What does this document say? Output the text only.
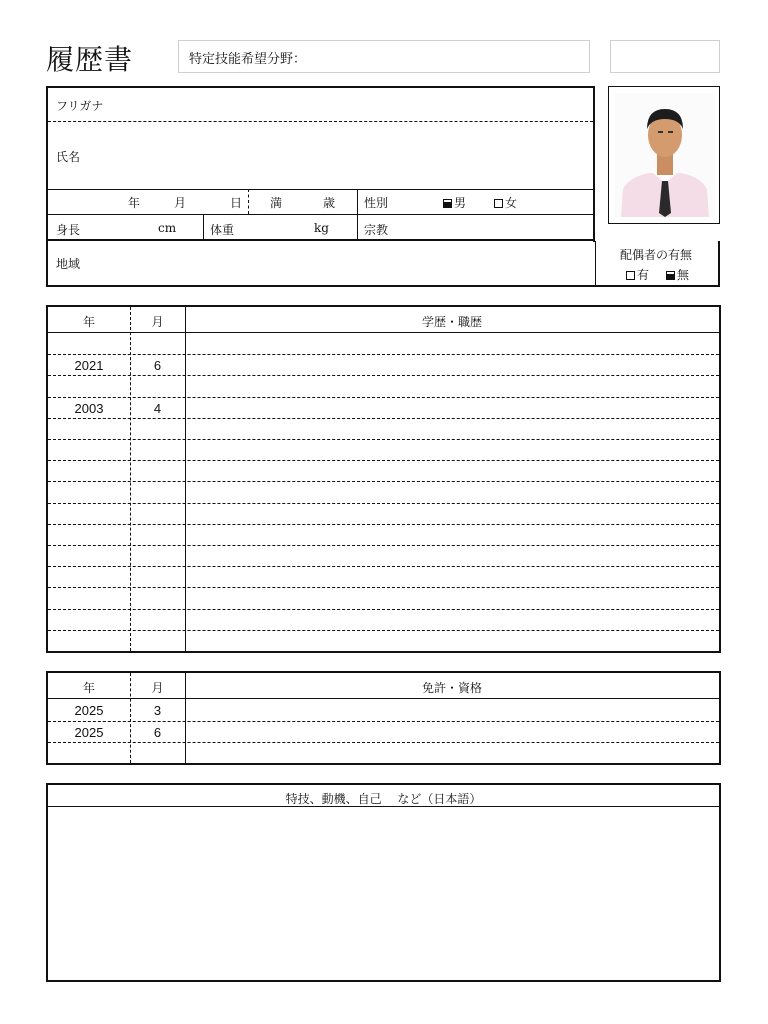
履歴書	特定技能希望分野：
フリガナ
氏名
年	月	日 満	歳 性別	男	女
身長	cm	体重	kg	宗教
地域
配偶者の有無
有	無
年	月	学歴・職歴
2021	6
2003	4
年	月	免許・資格
2025	3
2025	6
特技、動機、自己　 など（日本語）
